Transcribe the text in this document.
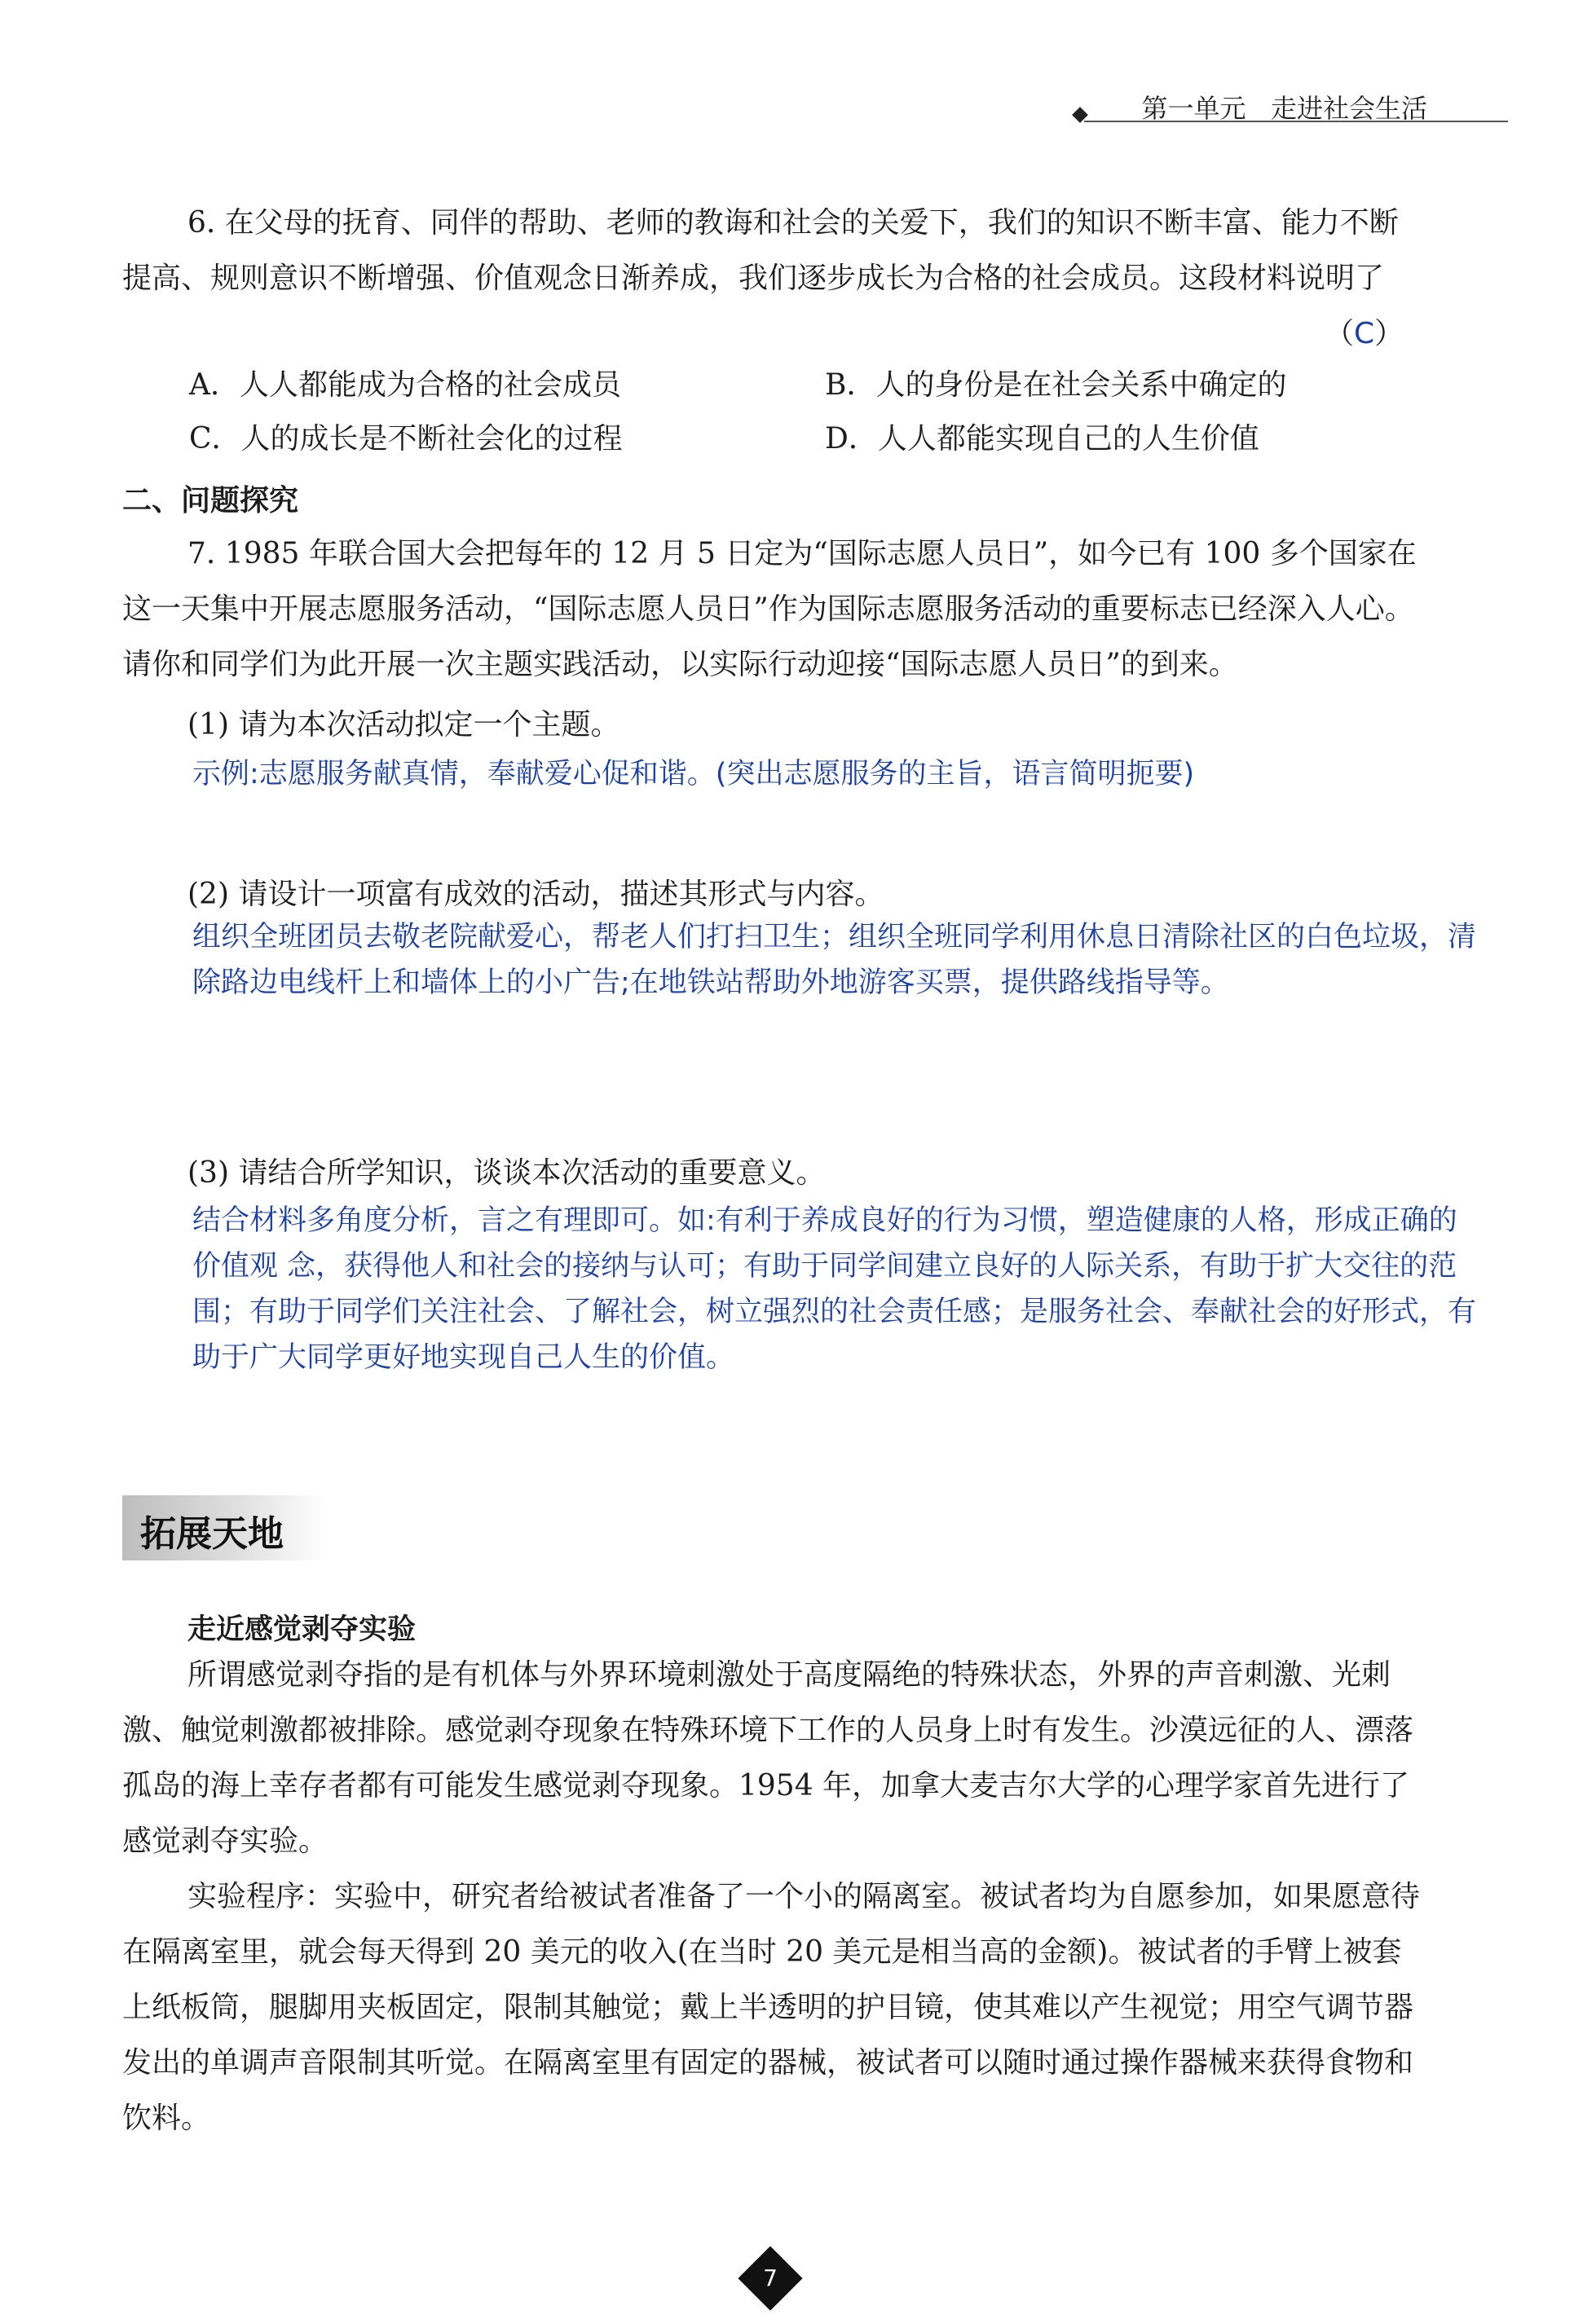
第一单元 走进社会生活
6. 在父母的抚育、同伴的帮助、老师的教诲和社会的关爱下，我们的知识不断丰富、能力不断提高、规则意识不断增强、价值观念日渐养成，我们逐步成长为合格的社会成员。这段材料说明了
（C）
A．人人都能成为合格的社会成员	B．人的身份是在社会关系中确定的
C．人的成长是不断社会化的过程	D．人人都能实现自己的人生价值
二、问题探究
7. 1985 年联合国大会把每年的 12 月 5 日定为“国际志愿人员日”，如今已有 100 多个国家在这一天集中开展志愿服务活动，“国际志愿人员日”作为国际志愿服务活动的重要标志已经深入人心。请你和同学们为此开展一次主题实践活动，以实际行动迎接“国际志愿人员日”的到来。
(1) 请为本次活动拟定一个主题。
示例:志愿服务献真情，奉献爱心促和谐。(突出志愿服务的主旨，语言简明扼要)
(2) 请设计一项富有成效的活动，描述其形式与内容。
组织全班团员去敬老院献爱心，帮老人们打扫卫生；组织全班同学利用休息日清除社区的白色垃圾，清除路边电线杆上和墙体上的小广告;在地铁站帮助外地游客买票，提供路线指导等。
(3) 请结合所学知识，谈谈本次活动的重要意义。
结合材料多角度分析，言之有理即可。如:有利于养成良好的行为习惯，塑造健康的人格，形成正确的价值观 念，获得他人和社会的接纳与认可；有助于同学间建立良好的人际关系，有助于扩大交往的范围；有助于同学们关注社会、了解社会，树立强烈的社会责任感；是服务社会、奉献社会的好形式，有助于广大同学更好地实现自己人生的价值。
拓展天地
走近感觉剥夺实验
所谓感觉剥夺指的是有机体与外界环境刺激处于高度隔绝的特殊状态，外界的声音刺激、光刺激、触觉刺激都被排除。感觉剥夺现象在特殊环境下工作的人员身上时有发生。沙漠远征的人、漂落孤岛的海上幸存者都有可能发生感觉剥夺现象。1954 年，加拿大麦吉尔大学的心理学家首先进行了感觉剥夺实验。
实验程序：实验中，研究者给被试者准备了一个小的隔离室。被试者均为自愿参加，如果愿意待在隔离室里，就会每天得到 20 美元的收入(在当时 20 美元是相当高的金额)。被试者的手臂上被套上纸板筒，腿脚用夹板固定，限制其触觉；戴上半透明的护目镜，使其难以产生视觉；用空气调节器发出的单调声音限制其听觉。在隔离室里有固定的器械，被试者可以随时通过操作器械来获得食物和饮料。
7
